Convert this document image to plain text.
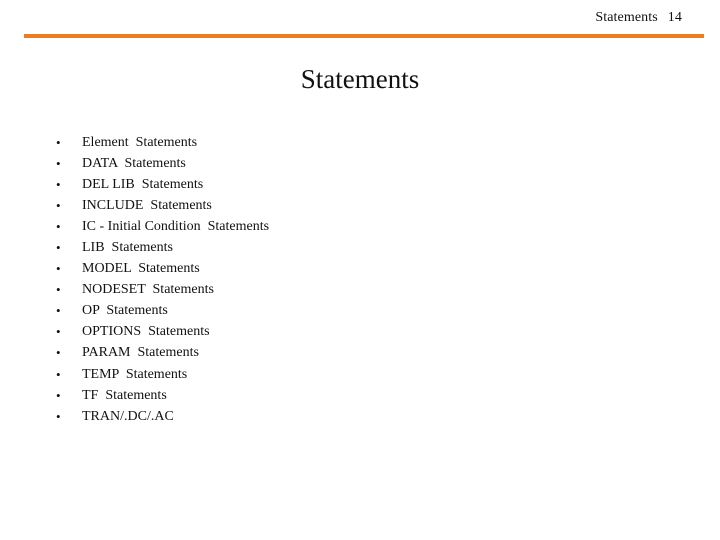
Statements 14
Statements
•	Element  Statements
•	DATA  Statements
•	DEL LIB  Statements
•	INCLUDE  Statements
•	IC - Initial Condition  Statements
•	LIB  Statements
•	MODEL  Statements
•	NODESET  Statements
•	OP  Statements
•	OPTIONS  Statements
•	PARAM  Statements
•	TEMP  Statements
•	TF  Statements
•	TRAN/.DC/.AC
